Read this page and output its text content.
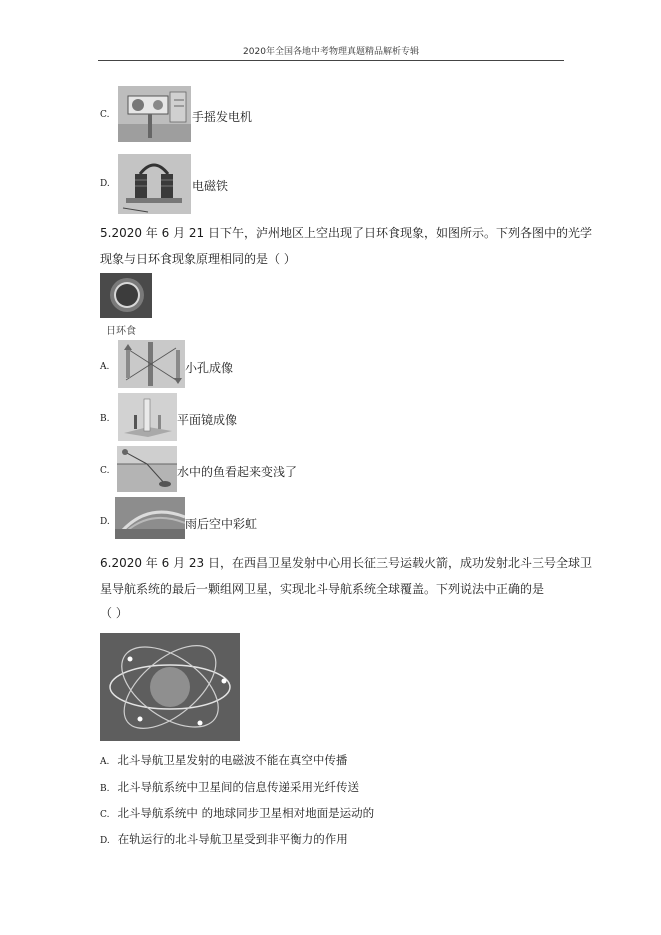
2020年全国各地中考物理真题精品解析专辑
C.	手摇发电机
D.	电磁铁
5.2020 年 6 月 21 日下午，泸州地区上空出现了日环食现象，如图所示。下列各图中的光学
现象与日环食现象原理相同的是（ ）
日环食
A.	小孔成像
B.	平面镜成像
C.	水中的鱼看起来变浅了
D.	雨后空中彩虹
6.2020 年 6 月 23 日，在西昌卫星发射中心用长征三号运载火箭，成功发射北斗三号全球卫
星导航系统的最后一颗组网卫星，实现北斗导航系统全球覆盖。下列说法中正确的是
（ ）
A. 北斗导航卫星发射的电磁波不能在真空中传播
B. 北斗导航系统中卫星间的信息传递采用光纤传送
C. 北斗导航系统中 的地球同步卫星相对地面是运动的
D. 在轨运行的北斗导航卫星受到非平衡力的作用
